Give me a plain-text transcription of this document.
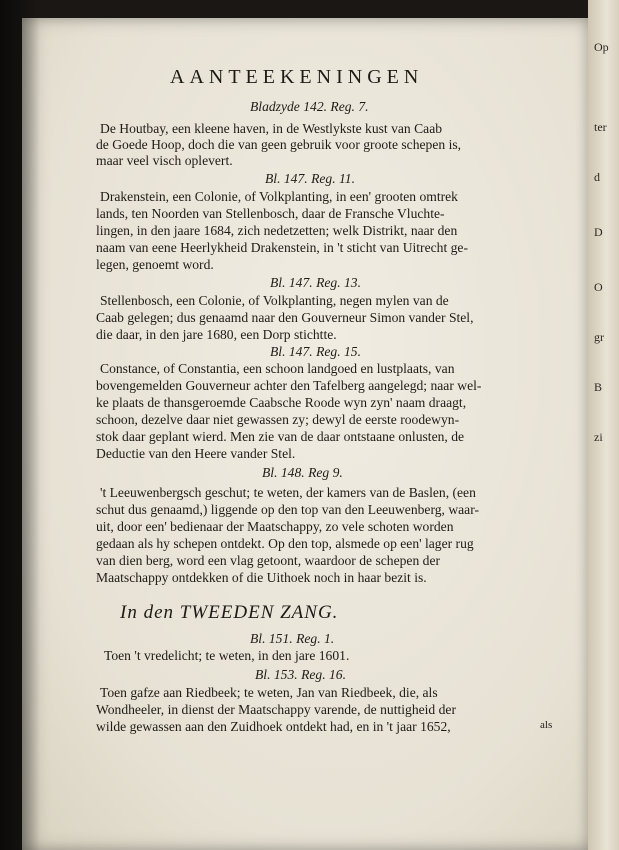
Op
ter
d
D
O
gr
B
zi
AANTEEKENINGEN
Bladzyde 142. Reg. 7.
De Houtbay, een kleene haven, in de Westlykste kust van Caab
de Goede Hoop, doch die van geen gebruik voor groote schepen is,
maar veel visch oplevert.
Bl. 147. Reg. 11.
Drakenstein, een Colonie, of Volkplanting, in een' grooten omtrek
lands, ten Noorden van Stellenbosch, daar de Fransche Vluchte-
lingen, in den jaare 1684, zich nedetzetten; welk Distrikt, naar den
naam van eene Heerlykheid Drakenstein, in 't sticht van Uitrecht ge-
legen, genoemt word.
Bl. 147. Reg. 13.
Stellenbosch, een Colonie, of Volkplanting, negen mylen van de
Caab gelegen; dus genaamd naar den Gouverneur Simon vander Stel,
die daar, in den jare 1680, een Dorp stichtte.
Bl. 147. Reg. 15.
Constance, of Constantia, een schoon landgoed en lustplaats, van
bovengemelden Gouverneur achter den Tafelberg aangelegd; naar wel-
ke plaats de thansgeroemde Caabsche Roode wyn zyn' naam draagt,
schoon, dezelve daar niet gewassen zy; dewyl de eerste roodewyn-
stok daar geplant wierd. Men zie van de daar ontstaane onlusten, de
Deductie van den Heere vander Stel.
Bl. 148. Reg 9.
't Leeuwenbergsch geschut; te weten, der kamers van de Baslen, (een
schut dus genaamd,) liggende op den top van den Leeuwenberg, waar-
uit, door een' bedienaar der Maatschappy, zo vele schoten worden
gedaan als hy schepen ontdekt. Op den top, alsmede op een' lager rug
van dien berg, word een vlag getoont, waardoor de schepen der
Maatschappy ontdekken of die Uithoek noch in haar bezit is.
In den TWEEDEN ZANG.
Bl. 151. Reg. 1.
Toen 't vredelicht; te weten, in den jare 1601.
Bl. 153. Reg. 16.
Toen gafze aan Riedbeek; te weten, Jan van Riedbeek, die, als
Wondheeler, in dienst der Maatschappy varende, de nuttigheid der
wilde gewassen aan den Zuidhoek ontdekt had, en in 't jaar 1652,	als
